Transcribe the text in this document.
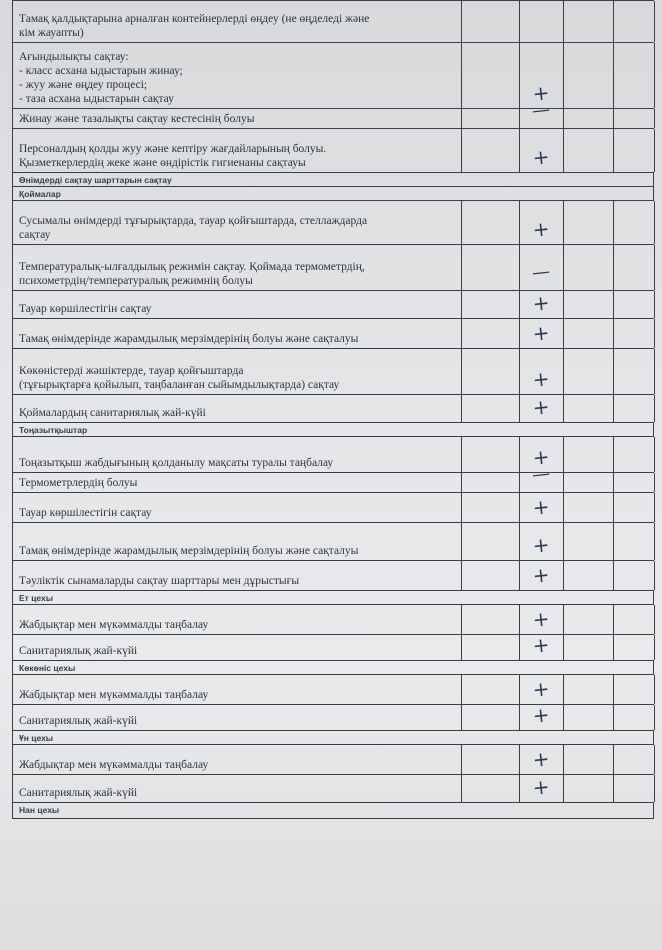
Тамақ қалдықтарына арналған контейнерлерді өңдеу (не өңделеді және
кім жауапты)
Ағындылықты сақтау:
- класс асхана ыдыстарын жинау;
- жуу және өңдеу процесі;
- таза асхана ыдыстарын сақтау	+
Жинау және тазалықты сақтау кестесінің болуы	—
Персоналдың қолды жуу және кептіру жағдайларының болуы.
Қызметкерлердің жеке және өндірістік гигиенаны сақтауы	+
Өнімдерді сақтау шарттарын сақтау
Қоймалар
Сусымалы өнімдерді тұғырықтарда, тауар қойғыштарда, стеллаждарда
сақтау	+
Температуралық-ылғалдылық режимін сақтау. Қоймада термометрдің,
психометрдің/температуралық режимнің болуы	—
Тауар көршілестігін сақтау	+
Тамақ өнімдерінде жарамдылық мерзімдерінің болуы және сақталуы	+
Көкөністерді жәшіктерде, тауар қойғыштарда
(тұғырықтарға қойылып, таңбаланған сыйымдылықтарда) сақтау	+
Қоймалардың санитариялық жай-күйі	+
Тоңазытқыштар
Тоңазытқыш жабдығының қолданылу мақсаты туралы таңбалау	+
Термометрлердің болуы	—
Тауар көршілестігін сақтау	+
Тамақ өнімдерінде жарамдылық мерзімдерінің болуы және сақталуы	+
Тәуліктік сынамаларды сақтау шарттары мен дұрыстығы	+
Ет цехы
Жабдықтар мен мүкәммалды таңбалау	+
Санитариялық жай-күйі	+
Көкөніс цехы
Жабдықтар мен мүкәммалды таңбалау	+
Санитариялық жай-күйі	+
Ұн цехы
Жабдықтар мен мүкәммалды таңбалау	+
Санитариялық жай-күйі	+
Нан цехы
